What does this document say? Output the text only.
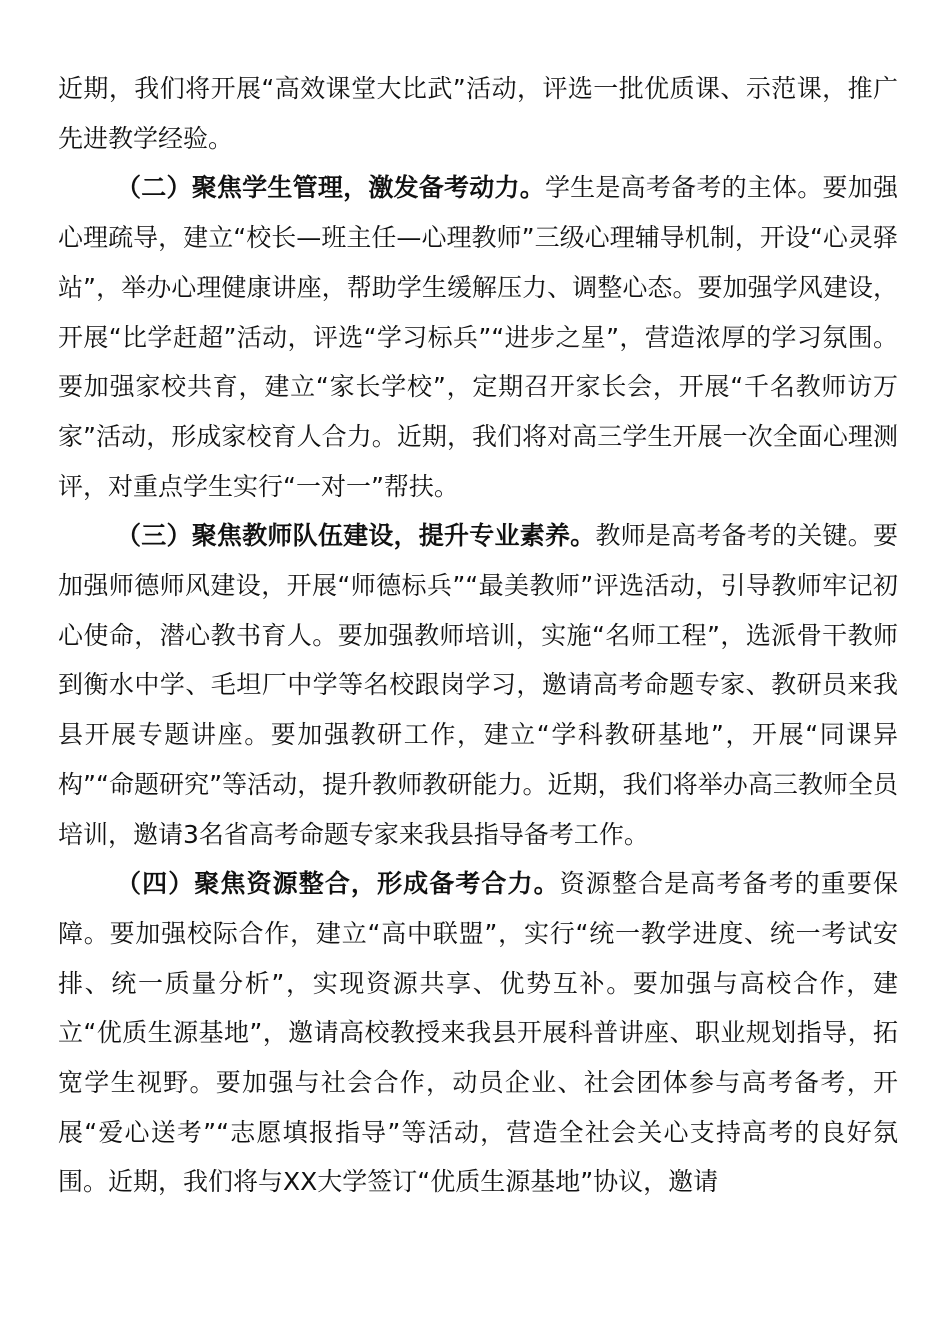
近期，我们将开展“高效课堂大比武”活动，评选一批优质课、示范课，推广先进教学经验。

（二）聚焦学生管理，激发备考动力。学生是高考备考的主体。要加强心理疏导，建立“校长—班主任—心理教师”三级心理辅导机制，开设“心灵驿站”，举办心理健康讲座，帮助学生缓解压力、调整心态。要加强学风建设，开展“比学赶超”活动，评选“学习标兵”“进步之星”，营造浓厚的学习氛围。要加强家校共育，建立“家长学校”，定期召开家长会，开展“千名教师访万家”活动，形成家校育人合力。近期，我们将对高三学生开展一次全面心理测评，对重点学生实行“一对一”帮扶。

（三）聚焦教师队伍建设，提升专业素养。教师是高考备考的关键。要加强师德师风建设，开展“师德标兵”“最美教师”评选活动，引导教师牢记初心使命，潜心教书育人。要加强教师培训，实施“名师工程”，选派骨干教师到衡水中学、毛坦厂中学等名校跟岗学习，邀请高考命题专家、教研员来我县开展专题讲座。要加强教研工作，建立“学科教研基地”，开展“同课异构”“命题研究”等活动，提升教师教研能力。近期，我们将举办高三教师全员培训，邀请3名省高考命题专家来我县指导备考工作。

（四）聚焦资源整合，形成备考合力。资源整合是高考备考的重要保障。要加强校际合作，建立“高中联盟”，实行“统一教学进度、统一考试安排、统一质量分析”，实现资源共享、优势互补。要加强与高校合作，建立“优质生源基地”，邀请高校教授来我县开展科普讲座、职业规划指导，拓宽学生视野。要加强与社会合作，动员企业、社会团体参与高考备考，开展“爱心送考”“志愿填报指导”等活动，营造全社会关心支持高考的良好氛围。近期，我们将与XX大学签订“优质生源基地”协议，邀请
